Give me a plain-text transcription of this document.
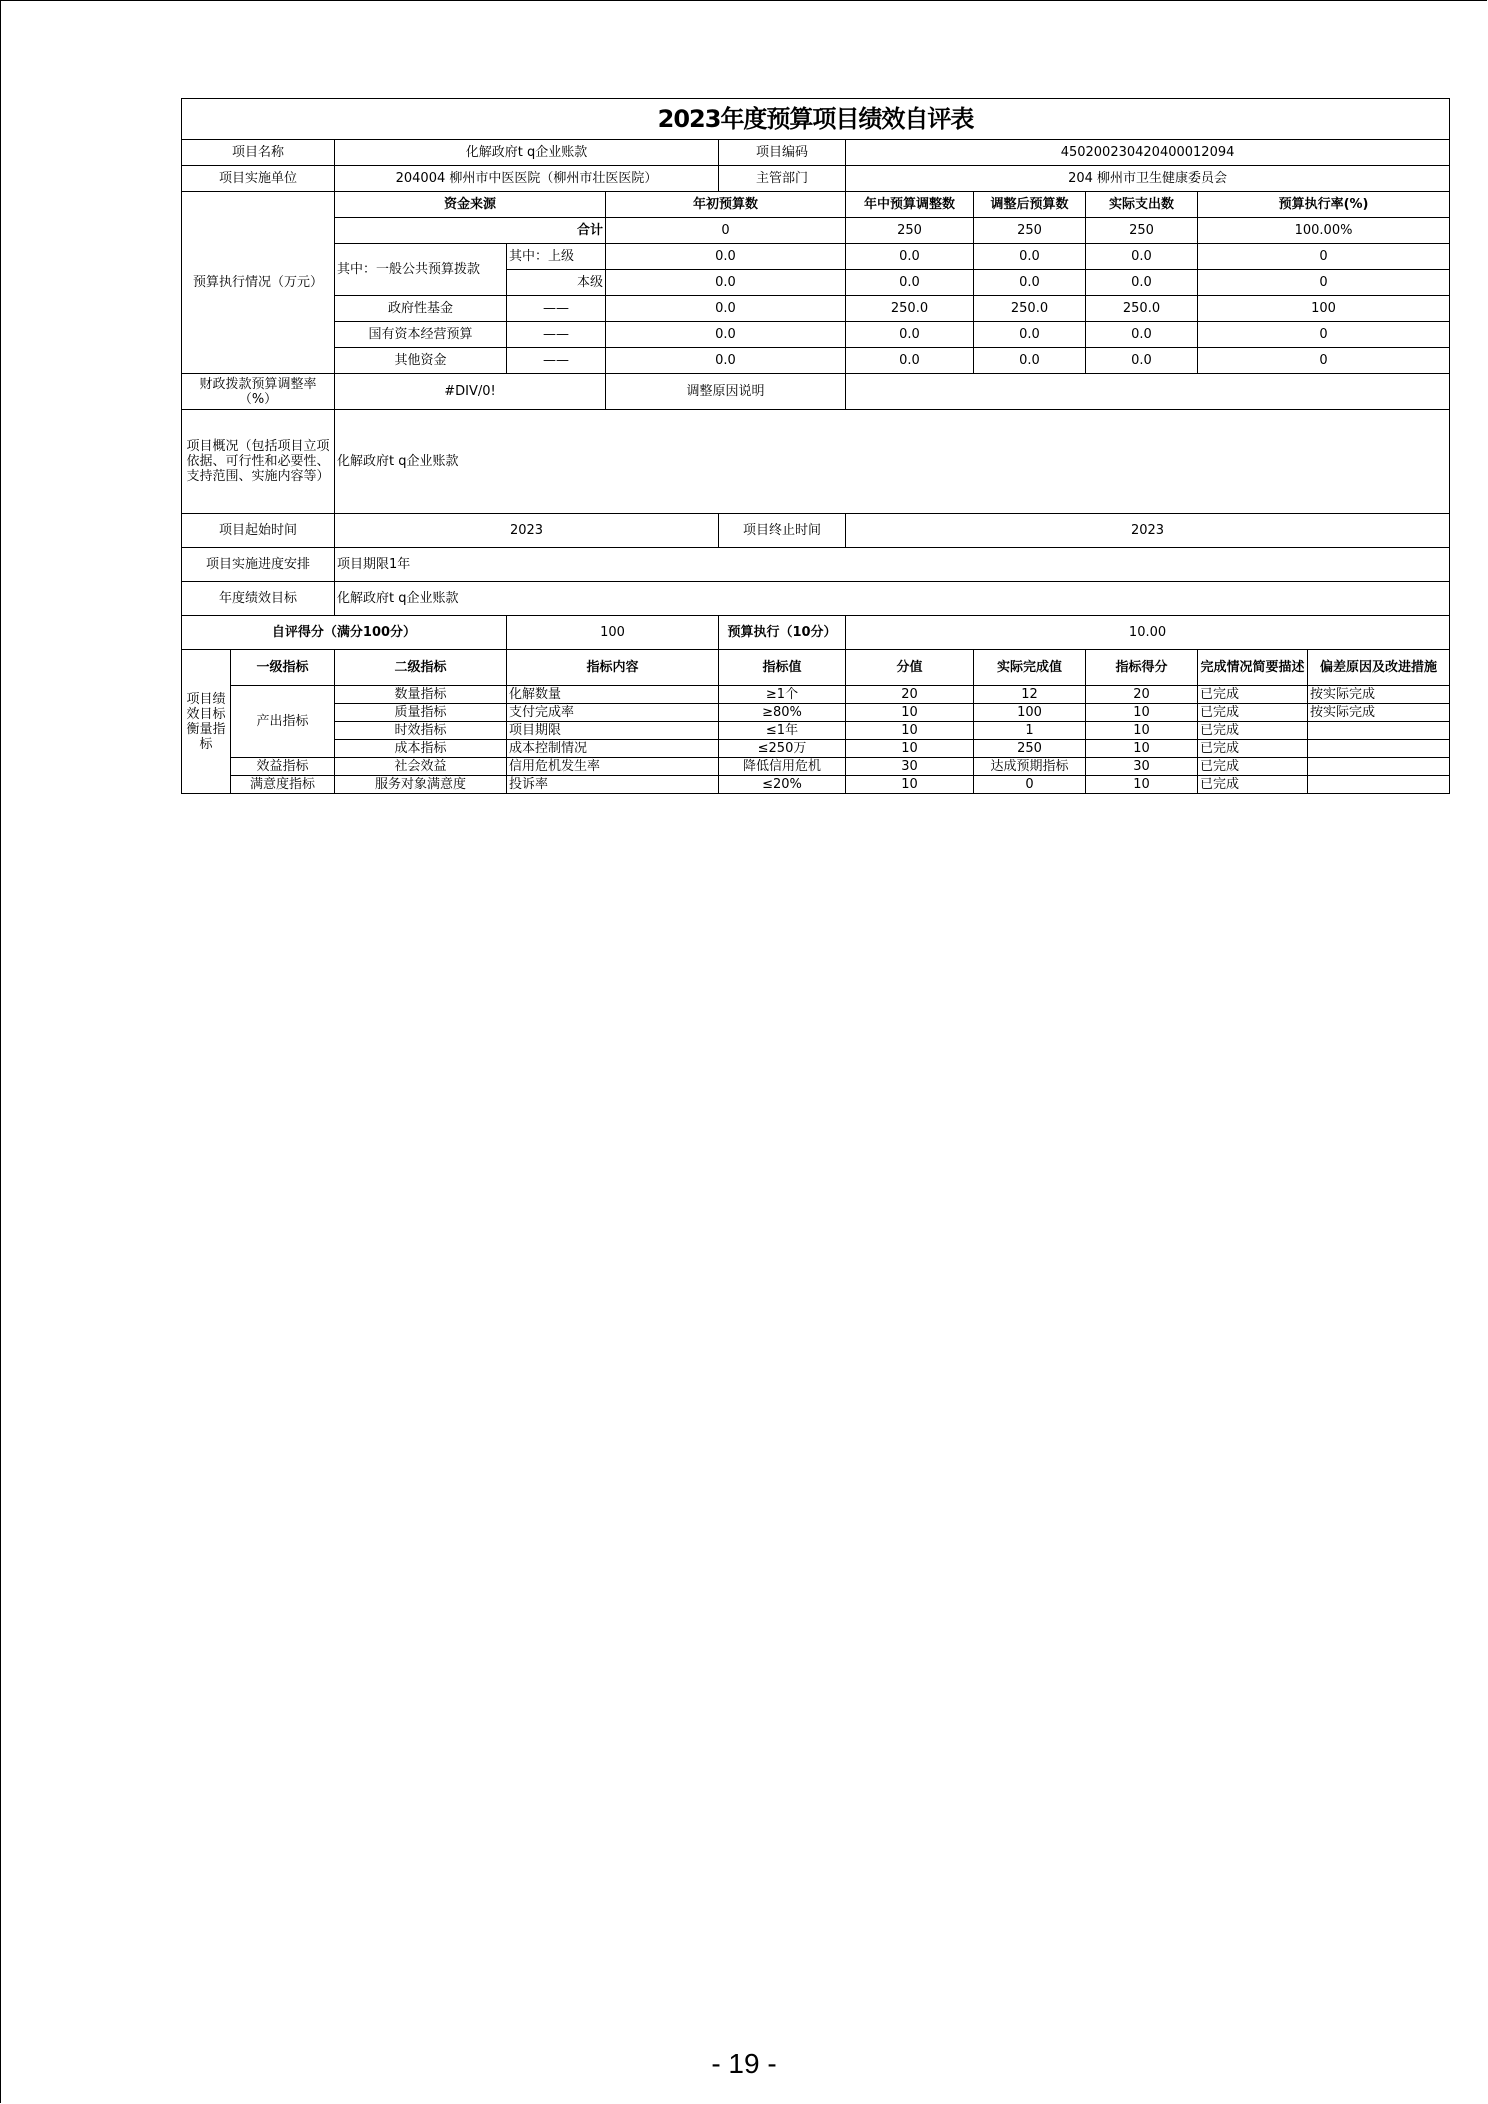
2023年度预算项目绩效自评表										
项目名称		化解政府t q企业账款			项目编码	450200230420400012094				
项目实施单位		204004 柳州市中医医院（柳州市壮医医院）			主管部门	204 柳州市卫生健康委员会				
预算执行情况（万元）		资金来源		年初预算数		年中预算调整数	调整后预算数	实际支出数	预算执行率(%)	
		合计		0		250	250	250	100.00%	
		其中：一般公共预算拨款	其中：上级	0.0		0.0	0.0	0.0	0	
			本级	0.0		0.0	0.0	0.0	0	
		政府性基金	——	0.0		250.0	250.0	250.0	100	
		国有资本经营预算	——	0.0		0.0	0.0	0.0	0	
		其他资金	——	0.0		0.0	0.0	0.0	0	
财政拨款预算调整率（%）		#DIV/0!		调整原因说明						
项目概况（包括项目立项依据、可行性和必要性、支持范围、实施内容等）		化解政府t q企业账款								
项目起始时间		2023			项目终止时间	2023				
项目实施进度安排		项目期限1年								
年度绩效目标		化解政府t q企业账款								
自评得分（满分100分）			100		预算执行（10分）	10.00				
项目绩效目标衡量指标	一级指标	二级指标	指标内容		指标值	分值	实际完成值	指标得分	完成情况简要描述	偏差原因及改进措施
	产出指标	数量指标	化解数量		≥1个	20	12	20	已完成	按实际完成
		质量指标	支付完成率		≥80%	10	100	10	已完成	按实际完成
		时效指标	项目期限		≤1年	10	1	10	已完成	
		成本指标	成本控制情况		≤250万	10	250	10	已完成	
	效益指标	社会效益	信用危机发生率		降低信用危机	30	达成预期指标	30	已完成	
	满意度指标	服务对象满意度	投诉率		≤20%	10	0	10	已完成	
- 19 -
